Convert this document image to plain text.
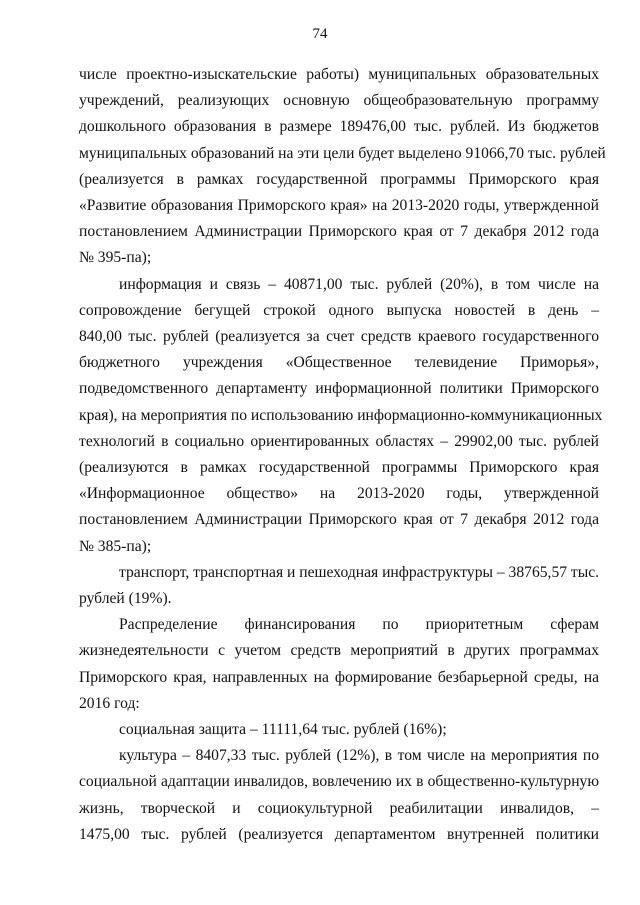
74

числе проектно-изыскательские работы) муниципальных образовательных
учреждений, реализующих основную общеобразовательную программу
дошкольного образования в размере 189476,00 тыс. рублей. Из бюджетов
муниципальных образований на эти цели будет выделено 91066,70 тыс. рублей
(реализуется в рамках государственной программы Приморского края
«Развитие образования Приморского края» на 2013-2020 годы, утвержденной
постановлением Администрации Приморского края от 7 декабря 2012 года
№ 395-па);

информация и связь – 40871,00 тыс. рублей (20%), в том числе на
сопровождение бегущей строкой одного выпуска новостей в день –
840,00 тыс. рублей (реализуется за счет средств краевого государственного
бюджетного учреждения «Общественное телевидение Приморья»,
подведомственного департаменту информационной политики Приморского
края), на мероприятия по использованию информационно-коммуникационных
технологий в социально ориентированных областях – 29902,00 тыс. рублей
(реализуются в рамках государственной программы Приморского края
«Информационное общество» на 2013-2020 годы, утвержденной
постановлением Администрации Приморского края от 7 декабря 2012 года
№ 385-па);

транспорт, транспортная и пешеходная инфраструктуры – 38765,57 тыс.
рублей (19%).

Распределение финансирования по приоритетным сферам
жизнедеятельности с учетом средств мероприятий в других программах
Приморского края, направленных на формирование безбарьерной среды, на
2016 год:

социальная защита – 11111,64 тыс. рублей (16%);

культура – 8407,33 тыс. рублей (12%), в том числе на мероприятия по
социальной адаптации инвалидов, вовлечению их в общественно-культурную
жизнь, творческой и социокультурной реабилитации инвалидов, –
1475,00 тыс. рублей (реализуется департаментом внутренней политики
